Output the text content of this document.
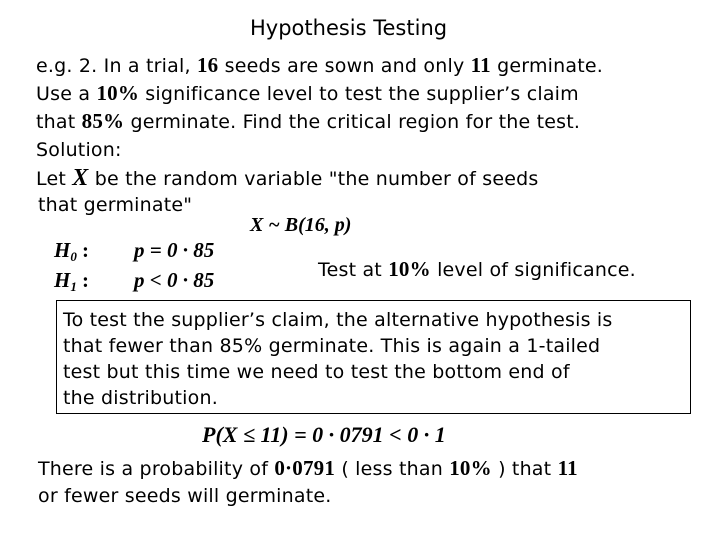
Hypothesis Testing
e.g. 2. In a trial, 16 seeds are sown and only 11 germinate.
Use a 10% significance level to test the supplier’s claim
that 85% germinate. Find the critical region for the test.
Solution:
Let X be the random variable "the number of seeds
that germinate"
X ~ B(16, p)
$H_0$ : p = 0 · 85
$H_1$ : p < 0 · 85	Test at 10% level of significance.
To test the supplier’s claim, the alternative hypothesis is
that fewer than 85% germinate. This is again a 1-tailed
test but this time we need to test the bottom end of
the distribution.
P(X ≤ 11) = 0 · 0791 < 0 · 1
There is a probability of 0·0791 ( less than 10% ) that 11
or fewer seeds will germinate.
